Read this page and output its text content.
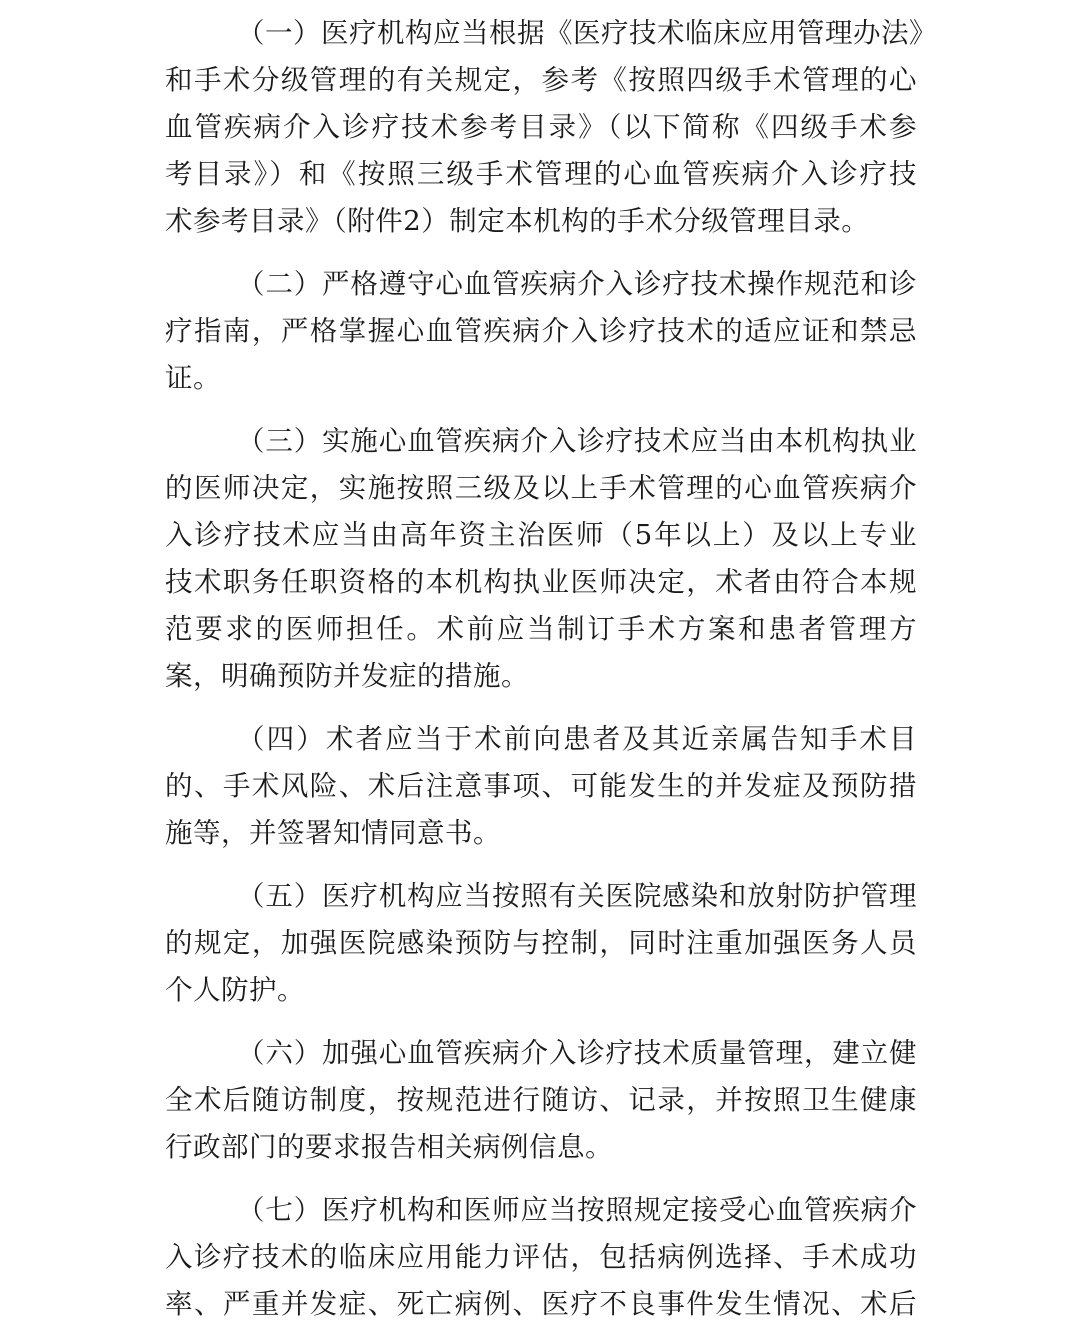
（一）医疗机构应当根据《医疗技术临床应用管理办法》
和手术分级管理的有关规定，参考《按照四级手术管理的心
血管疾病介入诊疗技术参考目录》（以下简称《四级手术参
考目录》）和《按照三级手术管理的心血管疾病介入诊疗技
术参考目录》（附件2）制定本机构的手术分级管理目录。
（二）严格遵守心血管疾病介入诊疗技术操作规范和诊
疗指南，严格掌握心血管疾病介入诊疗技术的适应证和禁忌
证。
（三）实施心血管疾病介入诊疗技术应当由本机构执业
的医师决定，实施按照三级及以上手术管理的心血管疾病介
入诊疗技术应当由高年资主治医师（5年以上）及以上专业
技术职务任职资格的本机构执业医师决定，术者由符合本规
范要求的医师担任。术前应当制订手术方案和患者管理方
案，明确预防并发症的措施。
（四）术者应当于术前向患者及其近亲属告知手术目
的、手术风险、术后注意事项、可能发生的并发症及预防措
施等，并签署知情同意书。
（五）医疗机构应当按照有关医院感染和放射防护管理
的规定，加强医院感染预防与控制，同时注重加强医务人员
个人防护。
（六）加强心血管疾病介入诊疗技术质量管理，建立健
全术后随访制度，按规范进行随访、记录，并按照卫生健康
行政部门的要求报告相关病例信息。
（七）医疗机构和医师应当按照规定接受心血管疾病介
入诊疗技术的临床应用能力评估，包括病例选择、手术成功
率、严重并发症、死亡病例、医疗不良事件发生情况、术后
